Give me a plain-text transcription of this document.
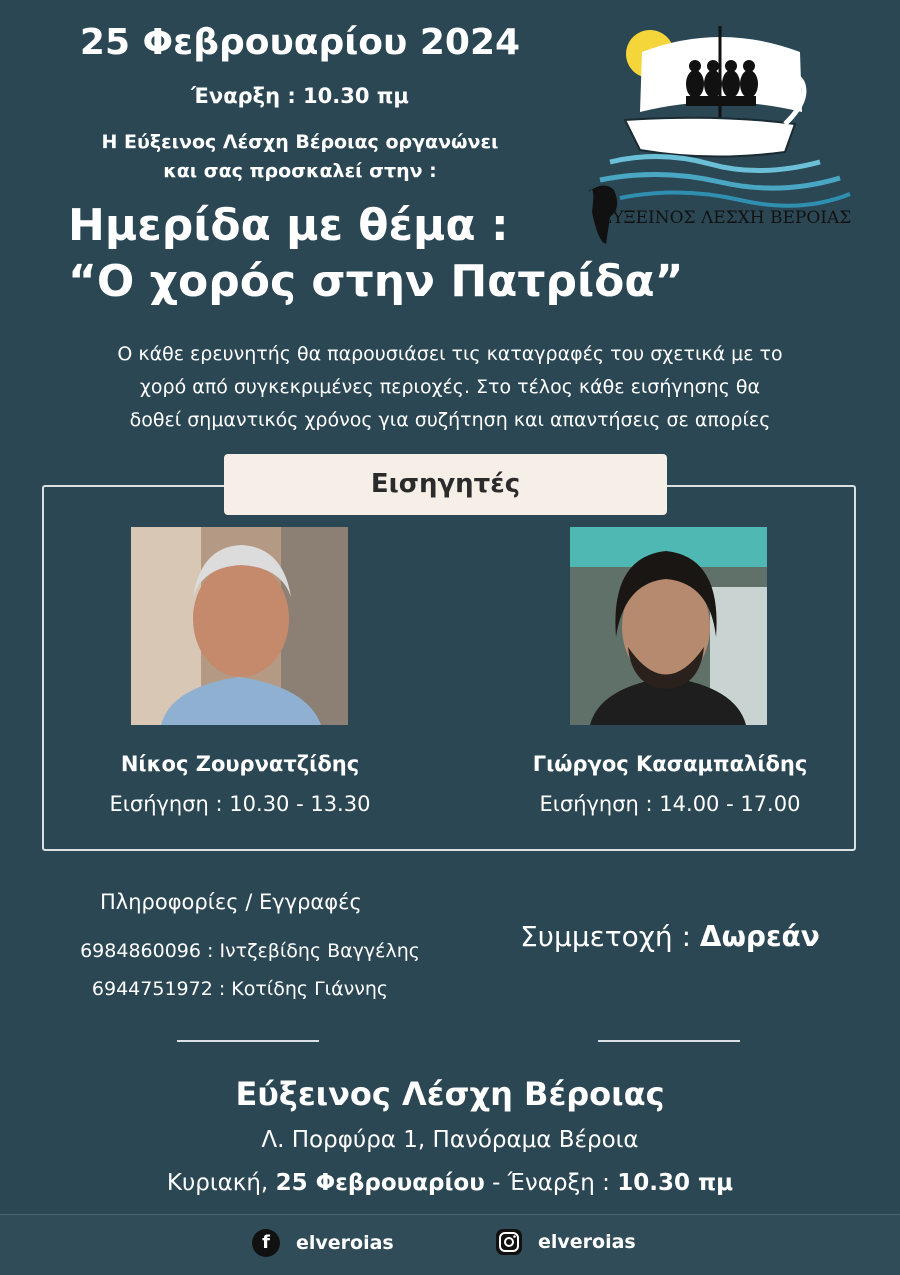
25 Φεβρουαρίου 2024
Έναρξη : 10.30 πμ
Η Εύξεινος Λέσχη Βέροιας οργανώνει
και σας προσκαλεί στην :
Ημερίδα με θέμα :
“Ο χορός στην Πατρίδα”
ΕΥΞΕΙΝΟΣ ΛΕΣΧΗ ΒΕΡΟΙΑΣ
Ο κάθε ερευνητής θα παρουσιάσει τις καταγραφές του σχετικά με το
χορό από συγκεκριμένες περιοχές. Στο τέλος κάθε εισήγησης θα
δοθεί σημαντικός χρόνος για συζήτηση και απαντήσεις σε απορίες
Εισηγητές
Νίκος Ζουρνατζίδης
Εισήγηση : 10.30 - 13.30
Γιώργος Κασαμπαλίδης
Εισήγηση : 14.00 - 17.00
Πληροφορίες / Εγγραφές
6984860096 : Ιντζεβίδης Βαγγέλης
6944751972 : Κοτίδης Γιάννης
Συμμετοχή : Δωρεάν
Εύξεινος Λέσχη Βέροιας
Λ. Πορφύρα 1, Πανόραμα Βέροια
Κυριακή, 25 Φεβρουαρίου - Έναρξη : 10.30 πμ
f	elveroias	elveroias
